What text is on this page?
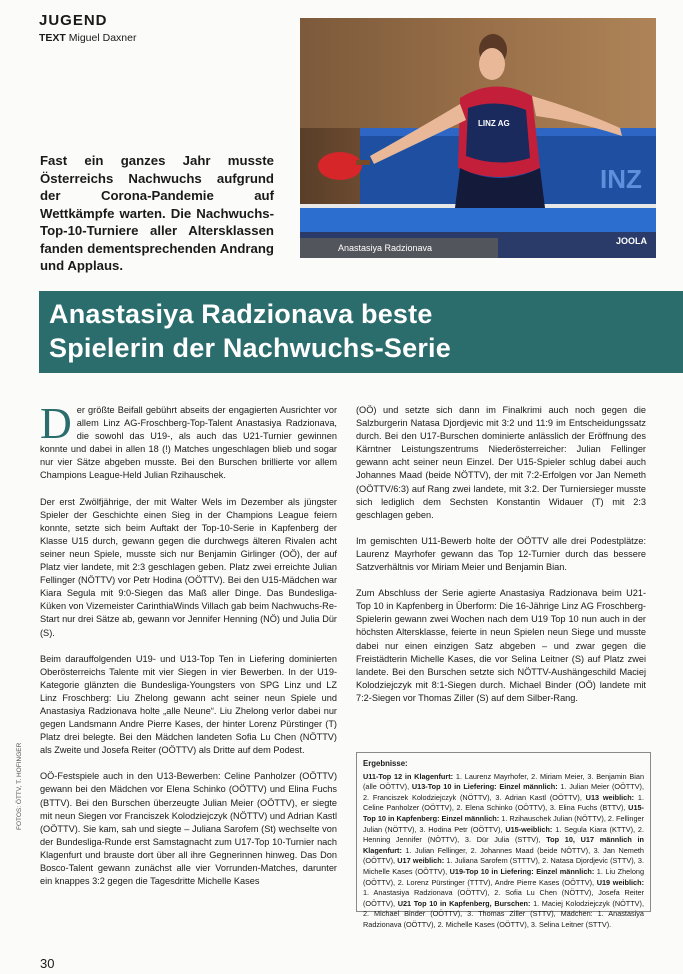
JUGEND
TEXT Miguel Daxner
Fast ein ganzes Jahr musste Österreichs Nachwuchs aufgrund der Corona-Pandemie auf Wettkämpfe warten. Die Nachwuchs-Top-10-Turniere aller Altersklassen fanden dementsprechenden Andrang und Applaus.
INZ
JOOLA
LINZ AG
Anastasiya Radzionava
Anastasiya Radzionava beste
Spielerin der Nachwuchs-Serie

Der größte Beifall gebührt abseits der engagierten Ausrichter vor allem Linz AG-Froschberg-Top-Talent Anastasiya Radzionava, die sowohl das U19-, als auch das U21-Turnier gewinnen konnte und dabei in allen 18 (!) Matches ungeschlagen blieb und sogar nur vier Sätze abgeben musste. Bei den Burschen brillierte vor allem Champions League-Held Julian Rzihauschek.

Der erst Zwölfjährige, der mit Walter Wels im Dezember als jüngster Spieler der Geschichte einen Sieg in der Champions League feiern konnte, setzte sich beim Auftakt der Top-10-Serie in Kapfenberg der Klasse U15 durch, gewann gegen die durchwegs älteren Rivalen acht seiner neun Spiele, musste sich nur Benjamin Girlinger (OÖ), der auf Platz vier landete, mit 2:3 geschlagen geben. Platz zwei erreichte Julian Fellinger (NÖTTV) vor Petr Hodina (OÖTTV). Bei den U15-Mädchen war Kiara Segula mit 9:0-Siegen das Maß aller Dinge. Das Bundesliga-Küken von Vizemeister CarinthiaWinds Villach gab beim Nachwuchs-Re-Start nur drei Sätze ab, gewann vor Jennifer Henning (NÖ) und Julia Dür (S).

Beim darauffolgenden U19- und U13-Top Ten in Liefering dominierten Oberösterreichs Talente mit vier Siegen in vier Bewerben. In der U19-Kategorie glänzten die Bundesliga-Youngsters von SPG Linz und LZ Linz Froschberg: Liu Zhelong gewann acht seiner neun Spiele und Anastasiya Radzionava holte „alle Neune“. Liu Zhelong verlor dabei nur gegen Landsmann Andre Pierre Kases, der hinter Lorenz Pürstinger (T) Platz drei belegte. Bei den Mädchen landeten Sofia Lu Chen (NÖTTV) als Zweite und Josefa Reiter (OÖTTV) als Dritte auf dem Podest.

OÖ-Festspiele auch in den U13-Bewerben: Celine Panholzer (OÖTTV) gewann bei den Mädchen vor Elena Schinko (OÖTTV) und Elina Fuchs (BTTV). Bei den Burschen überzeugte Julian Meier (OÖTTV), er siegte mit neun Siegen vor Franciszek Kolodziejczyk (NÖTTV) und Adrian Kastl (OÖTTV). Sie kam, sah und siegte – Juliana Sarofem (St) wechselte von der Bundesliga-Runde erst Samstagnacht zum U17-Top 10-Turnier nach Klagenfurt und brauste dort über all ihre Gegnerinnen hinweg. Das Don Bosco-Talent gewann zunächst alle vier Vorrunden-Matches, darunter ein knappes 3:2 gegen die Tagesdritte Michelle Kases

(OÖ) und setzte sich dann im Finalkrimi auch noch gegen die Salzburgerin Natasa Djordjevic mit 3:2 und 11:9 im Entscheidungssatz durch. Bei den U17-Burschen dominierte anlässlich der Eröffnung des Kärntner Leistungszentrums Niederösterreicher: Julian Fellinger gewann acht seiner neun Einzel. Der U15-Spieler schlug dabei auch Johannes Maad (beide NÖTTV), der mit 7:2-Erfolgen vor Jan Nemeth (OÖTTV/6:3) auf Rang zwei landete, mit 3:2. Der Turniersieger musste sich lediglich dem Sechsten Konstantin Widauer (T) mit 2:3 geschlagen geben.

Im gemischten U11-Bewerb holte der OÖTTV alle drei Podestplätze: Laurenz Mayrhofer gewann das Top 12-Turnier durch das bessere Satzverhältnis vor Miriam Meier und Benjamin Bian.

Zum Abschluss der Serie agierte Anastasiya Radzionava beim U21-Top 10 in Kapfenberg in Überform: Die 16-Jährige Linz AG Froschberg-Spielerin gewann zwei Wochen nach dem U19 Top 10 nun auch in der höchsten Altersklasse, feierte in neun Spielen neun Siege und musste dabei nur einen einzigen Satz abgeben – und zwar gegen die Freistädterin Michelle Kases, die vor Selina Leitner (S) auf Platz zwei landete. Bei den Burschen setzte sich NÖTTV-Aushängeschild Maciej Kolodziejczyk mit 8:1-Siegen durch. Michael Binder (OÖ) landete mit 7:2-Siegen vor Thomas Ziller (S) auf dem Silber-Rang.

Ergebnisse:
U11-Top 12 in Klagenfurt: 1. Laurenz Mayrhofer, 2. Miriam Meier, 3. Benjamin Bian (alle OÖTTV), U13-Top 10 in Liefering: Einzel männlich: 1. Julian Meier (OÖTTV), 2. Franciszek Kolodziejczyk (NÖTTV), 3. Adrian Kastl (OÖTTV), U13 weiblich: 1. Celine Panholzer (OÖTTV), 2. Elena Schinko (OÖTTV), 3. Elina Fuchs (BTTV), U15-Top 10 in Kapfenberg: Einzel männlich: 1. Rzihauschek Julian (NÖTTV), 2. Fellinger Julian (NÖTTV), 3. Hodina Petr (OÖTTV), U15-weiblich: 1. Segula Kiara (KTTV), 2. Henning Jennifer (NÖTTV), 3. Dür Julia (STTV), Top 10, U17 männlich in Klagenfurt: 1. Julian Fellinger, 2. Johannes Maad (beide NÖTTV), 3. Jan Nemeth (OÖTTV), U17 weiblich: 1. Juliana Sarofem (STTTV), 2. Natasa Djordjevic (STTV), 3. Michelle Kases (OÖTTV), U19-Top 10 in Liefering: Einzel männlich: 1. Liu Zhelong (OÖTTV), 2. Lorenz Pürstinger (TTTV), Andre Pierre Kases (OÖTTV), U19 weiblich: 1. Anastasiya Radzionava (OÖTTV), 2. Sofia Lu Chen (NÖTTV), Josefa Reiter (OÖTTV), U21 Top 10 in Kapfenberg, Burschen: 1. Maciej Kolodziejczyk (NÖTTV), 2. Michael Binder (OÖTTV), 3. Thomas Ziller (STTV), Mädchen: 1. Anastasiya Radzionava (OÖTTV), 2. Michelle Kases (OÖTTV), 3. Selina Leitner (STTV).
FOTOS: ÖTTV, T. HOFINGER
30
